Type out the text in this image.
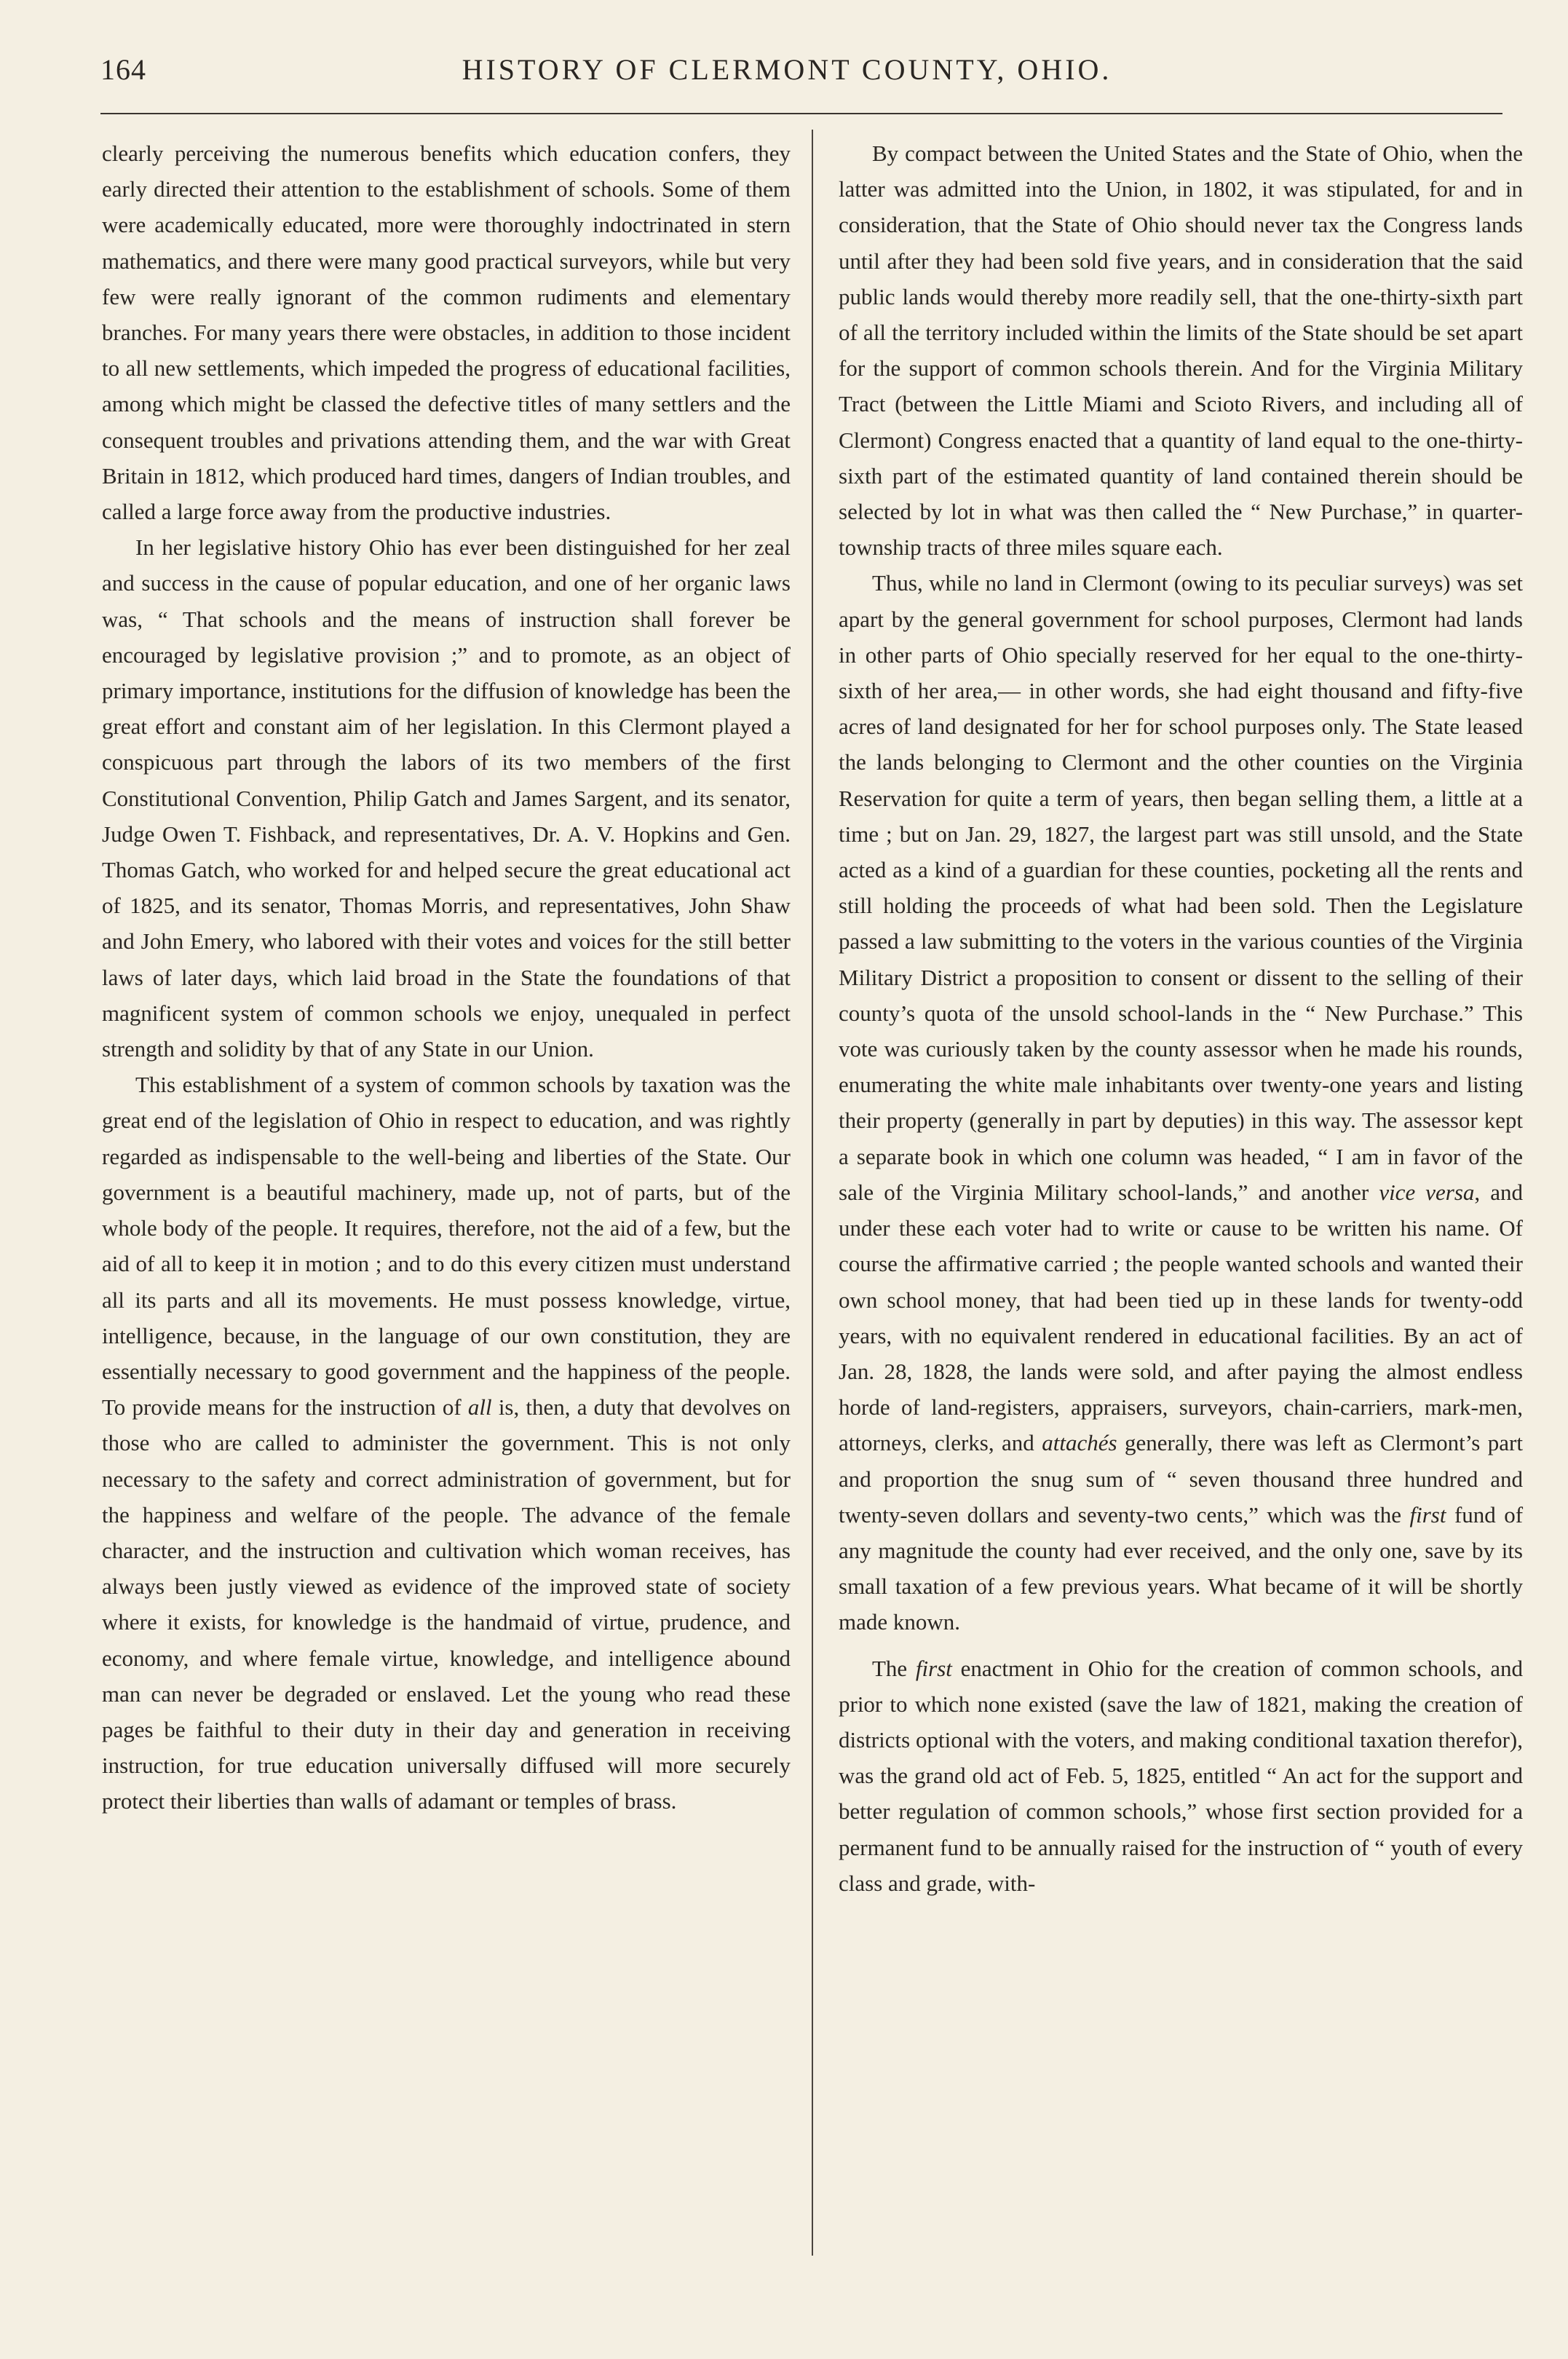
164	HISTORY OF CLERMONT COUNTY, OHIO.

clearly perceiving the numerous benefits which education confers, they early directed their attention to the establishment of schools. Some of them were academically educated, more were thoroughly indoctrinated in stern mathematics, and there were many good practical surveyors, while but very few were really ignorant of the common rudiments and elementary branches. For many years there were obstacles, in addition to those incident to all new settlements, which impeded the progress of educational facilities, among which might be classed the defective titles of many settlers and the consequent troubles and privations attending them, and the war with Great Britain in 1812, which produced hard times, dangers of Indian troubles, and called a large force away from the productive industries.

In her legislative history Ohio has ever been distinguished for her zeal and success in the cause of popular education, and one of her organic laws was, “ That schools and the means of instruction shall forever be encouraged by legislative provision ;” and to promote, as an object of primary importance, institutions for the diffusion of knowledge has been the great effort and constant aim of her legislation. In this Clermont played a conspicuous part through the labors of its two members of the first Constitutional Convention, Philip Gatch and James Sargent, and its senator, Judge Owen T. Fishback, and representatives, Dr. A. V. Hopkins and Gen. Thomas Gatch, who worked for and helped secure the great educational act of 1825, and its senator, Thomas Morris, and representatives, John Shaw and John Emery, who labored with their votes and voices for the still better laws of later days, which laid broad in the State the foundations of that magnificent system of common schools we enjoy, unequaled in perfect strength and solidity by that of any State in our Union.

This establishment of a system of common schools by taxation was the great end of the legislation of Ohio in respect to education, and was rightly regarded as indispensable to the well-being and liberties of the State. Our government is a beautiful machinery, made up, not of parts, but of the whole body of the people. It requires, therefore, not the aid of a few, but the aid of all to keep it in motion ; and to do this every citizen must understand all its parts and all its movements. He must possess knowledge, virtue, intelligence, because, in the language of our own constitution, they are essentially necessary to good government and the happiness of the people. To provide means for the instruction of all is, then, a duty that devolves on those who are called to administer the government. This is not only necessary to the safety and correct administration of government, but for the happiness and welfare of the people. The advance of the female character, and the instruction and cultivation which woman receives, has always been justly viewed as evidence of the improved state of society where it exists, for knowledge is the handmaid of virtue, prudence, and economy, and where female virtue, knowledge, and intelligence abound man can never be degraded or enslaved. Let the young who read these pages be faithful to their duty in their day and generation in receiving instruction, for true education universally diffused will more securely protect their liberties than walls of adamant or temples of brass.

By compact between the United States and the State of Ohio, when the latter was admitted into the Union, in 1802, it was stipulated, for and in consideration, that the State of Ohio should never tax the Congress lands until after they had been sold five years, and in consideration that the said public lands would thereby more readily sell, that the one-thirty-sixth part of all the territory included within the limits of the State should be set apart for the support of common schools therein. And for the Virginia Military Tract (between the Little Miami and Scioto Rivers, and including all of Clermont) Congress enacted that a quantity of land equal to the one-thirty-sixth part of the estimated quantity of land contained therein should be selected by lot in what was then called the “ New Purchase,” in quarter-township tracts of three miles square each.

Thus, while no land in Clermont (owing to its peculiar surveys) was set apart by the general government for school purposes, Clermont had lands in other parts of Ohio specially reserved for her equal to the one-thirty-sixth of her area,— in other words, she had eight thousand and fifty-five acres of land designated for her for school purposes only. The State leased the lands belonging to Clermont and the other counties on the Virginia Reservation for quite a term of years, then began selling them, a little at a time ; but on Jan. 29, 1827, the largest part was still unsold, and the State acted as a kind of a guardian for these counties, pocketing all the rents and still holding the proceeds of what had been sold. Then the Legislature passed a law submitting to the voters in the various counties of the Virginia Military District a proposition to consent or dissent to the selling of their county’s quota of the unsold school-lands in the “ New Purchase.” This vote was curiously taken by the county assessor when he made his rounds, enumerating the white male inhabitants over twenty-one years and listing their property (generally in part by deputies) in this way. The assessor kept a separate book in which one column was headed, “ I am in favor of the sale of the Virginia Military school-lands,” and another vice versa, and under these each voter had to write or cause to be written his name. Of course the affirmative carried ; the people wanted schools and wanted their own school money, that had been tied up in these lands for twenty-odd years, with no equivalent rendered in educational facilities. By an act of Jan. 28, 1828, the lands were sold, and after paying the almost endless horde of land-registers, appraisers, surveyors, chain-carriers, mark-men, attorneys, clerks, and attachés generally, there was left as Clermont’s part and proportion the snug sum of “ seven thousand three hundred and twenty-seven dollars and seventy-two cents,” which was the first fund of any magnitude the county had ever received, and the only one, save by its small taxation of a few previous years. What became of it will be shortly made known.

The first enactment in Ohio for the creation of common schools, and prior to which none existed (save the law of 1821, making the creation of districts optional with the voters, and making conditional taxation therefor), was the grand old act of Feb. 5, 1825, entitled “ An act for the support and better regulation of common schools,” whose first section provided for a permanent fund to be annually raised for the instruction of “ youth of every class and grade, with-
